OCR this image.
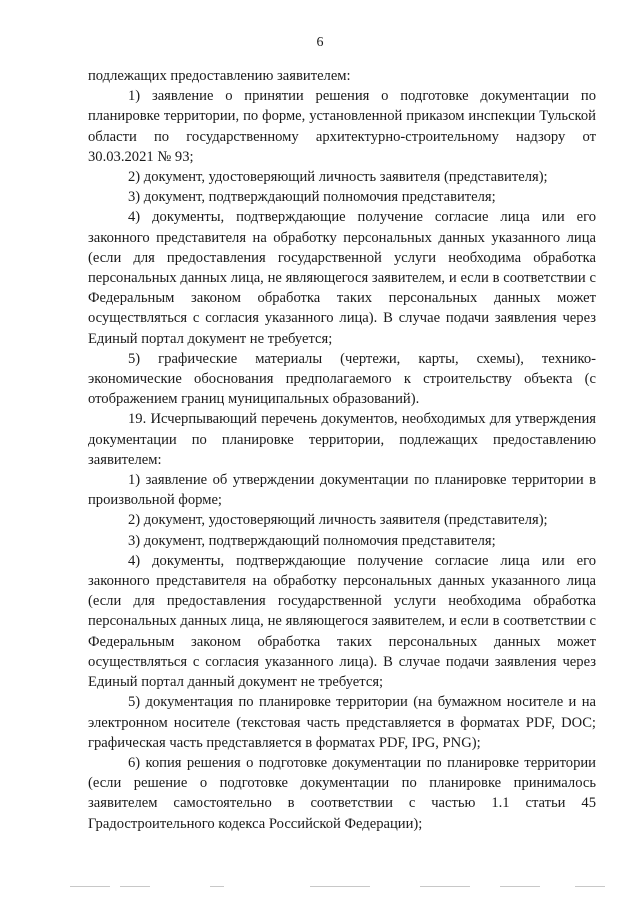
6

подлежащих предоставлению заявителем:

1) заявление о принятии решения о подготовке документации по планировке территории, по форме, установленной приказом инспекции Тульской области по государственному архитектурно-строительному надзору от 30.03.2021 № 93;

2) документ, удостоверяющий личность заявителя (представителя);

3) документ, подтверждающий полномочия представителя;

4) документы, подтверждающие получение согласие лица или его законного представителя на обработку персональных данных указанного лица (если для предоставления государственной услуги необходима обработка персональных данных лица, не являющегося заявителем, и если в соответствии с Федеральным законом обработка таких персональных данных может осуществляться с согласия указанного лица). В случае подачи заявления через Единый портал документ не требуется;

5) графические материалы (чертежи, карты, схемы), технико-экономические обоснования предполагаемого к строительству объекта (с отображением границ муниципальных образований).

19. Исчерпывающий перечень документов, необходимых для утверждения документации по планировке территории, подлежащих предоставлению заявителем:

1) заявление об утверждении документации по планировке территории в произвольной форме;

2) документ, удостоверяющий личность заявителя (представителя);

3) документ, подтверждающий полномочия представителя;

4) документы, подтверждающие получение согласие лица или его законного представителя на обработку персональных данных указанного лица (если для предоставления государственной услуги необходима обработка персональных данных лица, не являющегося заявителем, и если в соответствии с Федеральным законом обработка таких персональных данных может осуществляться с согласия указанного лица). В случае подачи заявления через Единый портал данный документ не требуется;

5) документация по планировке территории (на бумажном носителе и на электронном носителе (текстовая часть представляется в форматах PDF, DOC; графическая часть представляется в форматах PDF, IPG, PNG);

6) копия решения о подготовке документации по планировке территории (если решение о подготовке документации по планировке принималось заявителем самостоятельно в соответствии с частью 1.1 статьи 45 Градостроительного кодекса Российской Федерации);
